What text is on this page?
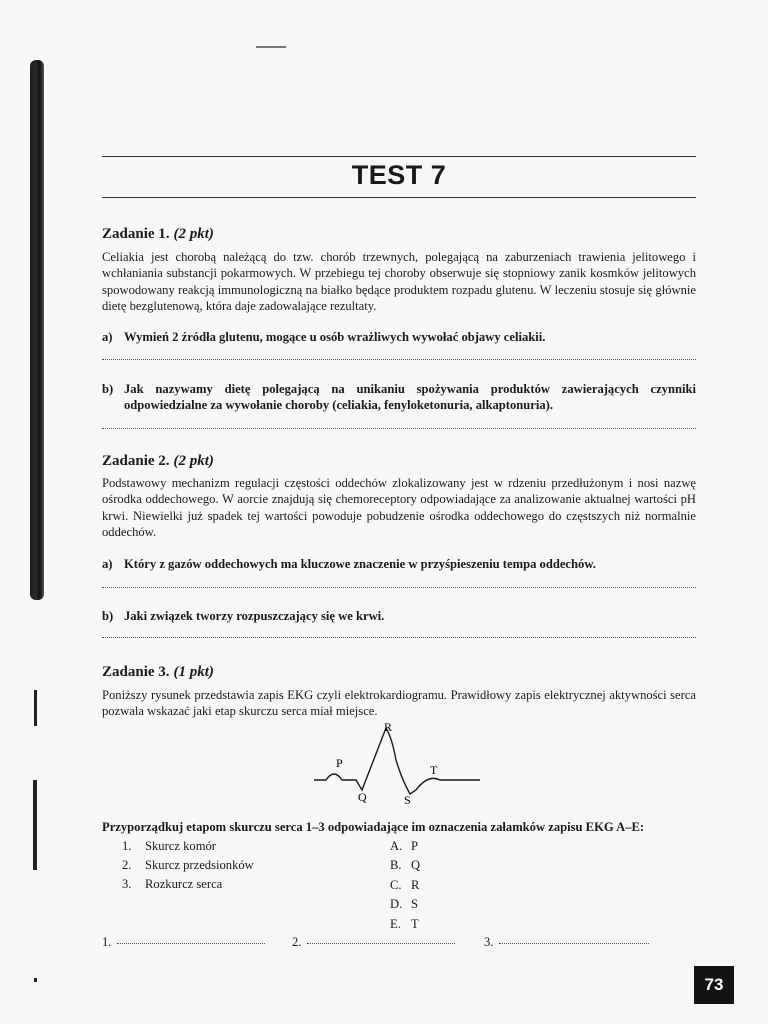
TEST 7
Zadanie 1. (2 pkt)
Celiakia jest chorobą należącą do tzw. chorób trzewnych, polegającą na zaburzeniach trawienia jelitowego i wchłaniania substancji pokarmowych. W przebiegu tej choroby obserwuje się stopniowy zanik kosmków jelitowych spowodowany reakcją immunologiczną na białko będące produktem rozpadu glutenu. W leczeniu stosuje się głównie dietę bezglutenową, która daje zadowalające rezultaty.
a) Wymień 2 źródła glutenu, mogące u osób wrażliwych wywołać objawy celiakii.
b) Jak nazywamy dietę polegającą na unikaniu spożywania produktów zawierających czynniki odpowiedzialne za wywołanie choroby (celiakia, fenyloketonuria, alkaptonuria).
Zadanie 2. (2 pkt)
Podstawowy mechanizm regulacji częstości oddechów zlokalizowany jest w rdzeniu przedłużonym i nosi nazwę ośrodka oddechowego. W aorcie znajdują się chemoreceptory odpowiadające za analizowanie aktualnej wartości pH krwi. Niewielki już spadek tej wartości powoduje pobudzenie ośrodka oddechowego do częstszych niż normalnie oddechów.
a) Który z gazów oddechowych ma kluczowe znaczenie w przyśpieszeniu tempa oddechów.
b) Jaki związek tworzy rozpuszczający się we krwi.
Zadanie 3. (1 pkt)
Poniższy rysunek przedstawia zapis EKG czyli elektrokardiogramu. Prawidłowy zapis elektrycznej aktywności serca pozwala wskazać jaki etap skurczu serca miał miejsce.
P
R
Q	S
T
Przyporządkuj etapom skurczu serca 1–3 odpowiadające im oznaczenia załamków zapisu EKG A–E:
1.	Skurcz komór
2.	Skurcz przedsionków
3.	Rozkurcz serca
A. P
B. Q
C. R
D. S
E. T
1.	2.	3.
73
